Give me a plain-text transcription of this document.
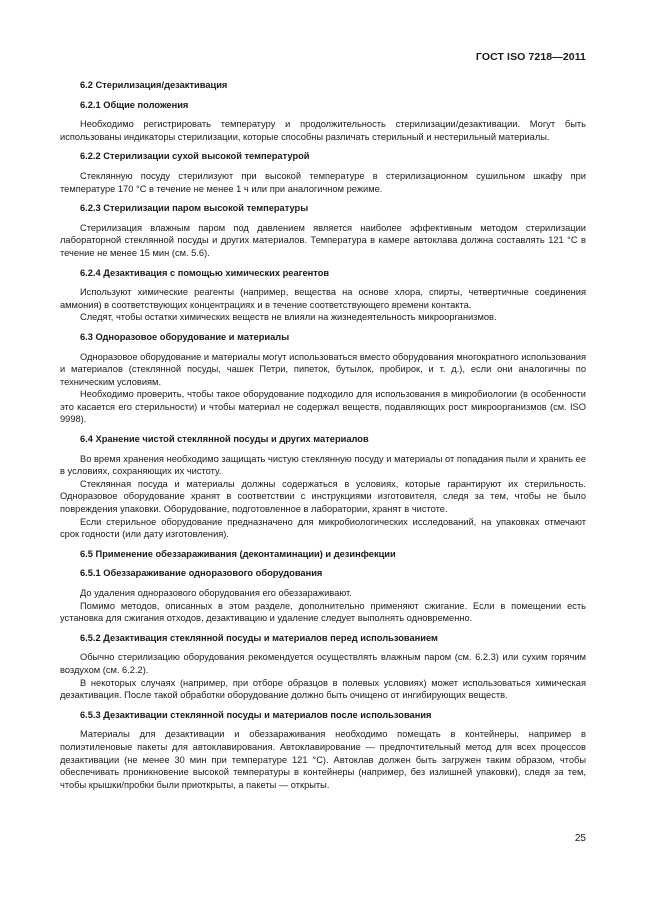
ГОСТ ISO 7218—2011
6.2 Стерилизация/дезактивация
6.2.1 Общие положения

Необходимо регистрировать температуру и продолжительность стерилизации/дезактивации. Могут быть использованы индикаторы стерилизации, которые способны различать стерильный и нестерильный материалы.

6.2.2 Стерилизации сухой высокой температурой

Стеклянную посуду стерилизуют при высокой температуре в стерилизационном сушильном шкафу при температуре 170 °С в течение не менее 1 ч или при аналогичном режиме.

6.2.3 Стерилизации паром высокой температуры

Стерилизация влажным паром под давлением является наиболее эффективным методом стерилизации лабораторной стеклянной посуды и других материалов. Температура в камере автоклава должна составлять 121 °С в течение не менее 15 мин (см. 5.6).

6.2.4 Дезактивация с помощью химических реагентов

Используют химические реагенты (например, вещества на основе хлора, спирты, четвертичные соединения аммония) в соответствующих концентрациях и в течение соответствующего времени контакта.

Следят, чтобы остатки химических веществ не влияли на жизнедеятельность микроорганизмов.

6.3 Одноразовое оборудование и материалы

Одноразовое оборудование и материалы могут использоваться вместо оборудования многократного использования и материалов (стеклянной посуды, чашек Петри, пипеток, бутылок, пробирок, и т. д.), если они аналогичны по техническим условиям.

Необходимо проверить, чтобы такое оборудование подходило для использования в микробиологии (в особенности это касается его стерильности) и чтобы материал не содержал веществ, подавляющих рост микроорганизмов (см. ISO 9998).

6.4 Хранение чистой стеклянной посуды и других материалов

Во время хранения необходимо защищать чистую стеклянную посуду и материалы от попадания пыли и хранить ее в условиях, сохраняющих их чистоту.

Стеклянная посуда и материалы должны содержаться в условиях, которые гарантируют их стерильность. Одноразовое оборудование хранят в соответствии с инструкциями изготовителя, следя за тем, чтобы не было повреждения упаковки. Оборудование, подготовленное в лаборатории, хранят в чистоте.

Если стерильное оборудование предназначено для микробиологических исследований, на упаковках отмечают срок годности (или дату изготовления).

6.5 Применение обеззараживания (деконтаминации) и дезинфекции
6.5.1 Обеззараживание одноразового оборудования

До удаления одноразового оборудования его обеззараживают.

Помимо методов, описанных в этом разделе, дополнительно применяют сжигание. Если в помещении есть установка для сжигания отходов, дезактивацию и удаление следует выполнять одновременно.

6.5.2 Дезактивация стеклянной посуды и материалов перед использованием

Обычно стерилизацию оборудования рекомендуется осуществлять влажным паром (см. 6.2.3) или сухим горячим воздухом (см. 6.2.2).

В некоторых случаях (например, при отборе образцов в полевых условиях) может использоваться химическая дезактивация. После такой обработки оборудование должно быть очищено от ингибирующих веществ.

6.5.3 Дезактивации стеклянной посуды и материалов после использования

Материалы для дезактивации и обеззараживания необходимо помещать в контейнеры, например в полиэтиленовые пакеты для автоклавирования. Автоклавирование — предпочтительный метод для всех процессов дезактивации (не менее 30 мин при температуре 121 °С). Автоклав должен быть загружен таким образом, чтобы обеспечивать проникновение высокой температуры в контейнеры (например, без излишней упаковки), следя за тем, чтобы крышки/пробки были приоткрыты, а пакеты — открыты.

25
